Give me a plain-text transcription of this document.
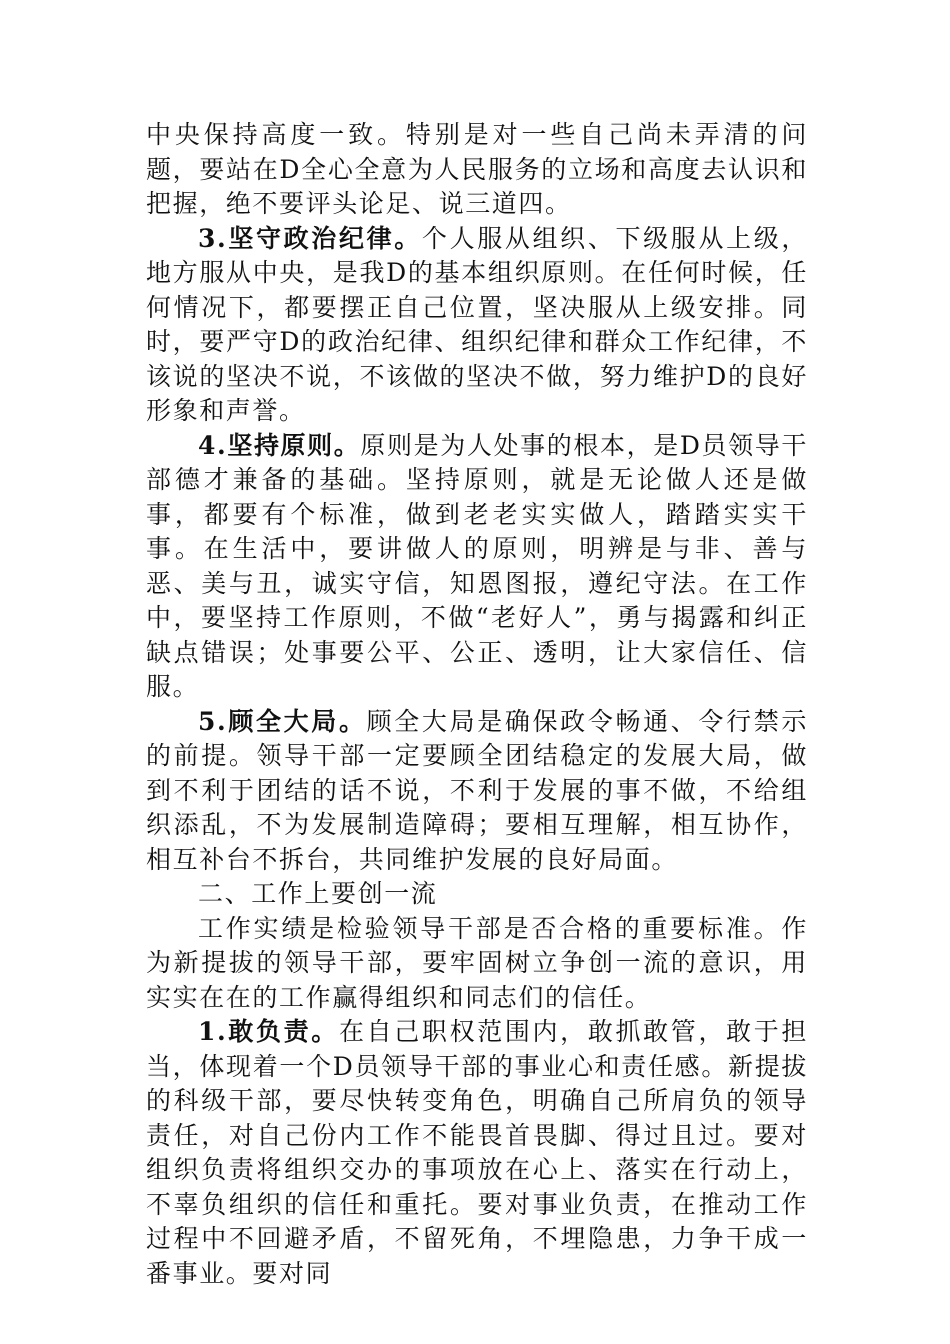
中央保持高度一致。特别是对一些自己尚未弄清的问题，要站在D全心全意为人民服务的立场和高度去认识和把握，绝不要评头论足、说三道四。

3.坚守政治纪律。个人服从组织、下级服从上级，地方服从中央，是我D的基本组织原则。在任何时候，任何情况下，都要摆正自己位置，坚决服从上级安排。同时，要严守D的政治纪律、组织纪律和群众工作纪律，不该说的坚决不说，不该做的坚决不做，努力维护D的良好形象和声誉。

4.坚持原则。原则是为人处事的根本，是D员领导干部德才兼备的基础。坚持原则，就是无论做人还是做事，都要有个标准，做到老老实实做人，踏踏实实干事。在生活中，要讲做人的原则，明辨是与非、善与恶、美与丑，诚实守信，知恩图报，遵纪守法。在工作中，要坚持工作原则，不做“老好人”，勇与揭露和纠正缺点错误；处事要公平、公正、透明，让大家信任、信服。

5.顾全大局。顾全大局是确保政令畅通、令行禁示的前提。领导干部一定要顾全团结稳定的发展大局，做到不利于团结的话不说，不利于发展的事不做，不给组织添乱，不为发展制造障碍；要相互理解，相互协作，相互补台不拆台，共同维护发展的良好局面。

二、工作上要创一流

工作实绩是检验领导干部是否合格的重要标准。作为新提拔的领导干部，要牢固树立争创一流的意识，用实实在在的工作赢得组织和同志们的信任。

1.敢负责。在自己职权范围内，敢抓敢管，敢于担当，体现着一个D员领导干部的事业心和责任感。新提拔的科级干部，要尽快转变角色，明确自己所肩负的领导责任，对自己份内工作不能畏首畏脚、得过且过。要对组织负责将组织交办的事项放在心上、落实在行动上，不辜负组织的信任和重托。要对事业负责，在推动工作过程中不回避矛盾，不留死角，不埋隐患，力争干成一番事业。要对同
